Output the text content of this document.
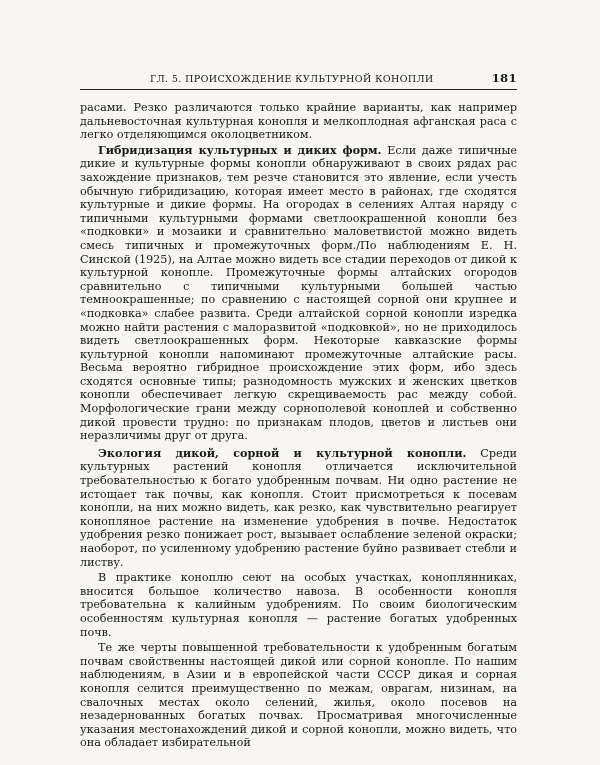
ГЛ. 5. ПРОИСХОЖДЕНИЕ КУЛЬТУРНОЙ КОНОПЛИ	181

расами. Резко различаются только крайние варианты, как например дальневосточная культурная конопля и мелкоплодная афганская раса с легко отделяющимся околоцветником.

Гибридизация культурных и диких форм. Если даже типичные дикие и культурные формы конопли обнаруживают в своих рядах рас захождение признаков, тем резче становится это явление, если учесть обычную гибридизацию, которая имеет место в районах, где сходятся культурные и дикие формы. На огородах в селениях Алтая наряду с типичными культурными формами светлоокрашенной конопли без «подковки» и мозаики и сравнительно маловетвистой можно видеть смесь типичных и промежуточных форм./По наблюдениям Е. Н. Синской (1925), на Алтае можно видеть все стадии переходов от дикой к культурной конопле. Промежуточные формы алтайских огородов сравнительно с типичными культурными большей частью темноокрашенные; по сравнению с настоящей сорной они крупнее и «подковка» слабее развита. Среди алтайской сорной конопли изредка можно найти растения с малоразвитой «подковкой», но не приходилось видеть светлоокрашенных форм. Некоторые кавказские формы культурной конопли напоминают промежуточные алтайские расы. Весьма вероятно гибридное происхождение этих форм, ибо здесь сходятся основные типы; разнодомность мужских и женских цветков конопли обеспечивает легкую скрещиваемость рас между собой. Морфологические грани между сорнополевой коноплей и собственно дикой провести трудно: по признакам плодов, цветов и листьев они неразличимы друг от друга.

Экология дикой, сорной и культурной конопли. Среди культурных растений конопля отличается исключительной требовательностью к богато удобренным почвам. Ни одно растение не истощает так почвы, как конопля. Стоит присмотреться к посевам конопли, на них можно видеть, как резко, как чувствительно реагирует конопляное растение на изменение удобрения в почве. Недостаток удобрения резко понижает рост, вызывает ослабление зеленой окраски; наоборот, по усиленному удобрению растение буйно развивает стебли и листву.

В практике коноплю сеют на особых участках, коноплянниках, вносится большое количество навоза. В особенности конопля требовательна к калийным удобрениям. По своим биологическим особенностям культурная конопля — растение богатых удобренных почв.

Те же черты повышенной требовательности к удобренным богатым почвам свойственны настоящей дикой или сорной конопле. По нашим наблюдениям, в Азии и в европейской части СССР дикая и сорная конопля селится преимущественно по межам, оврагам, низинам, на свалочных местах около селений, жилья, около посевов на незадернованных богатых почвах. Просматривая многочисленные указания местонахождений дикой и сорной конопли, можно видеть, что она обладает избирательной
